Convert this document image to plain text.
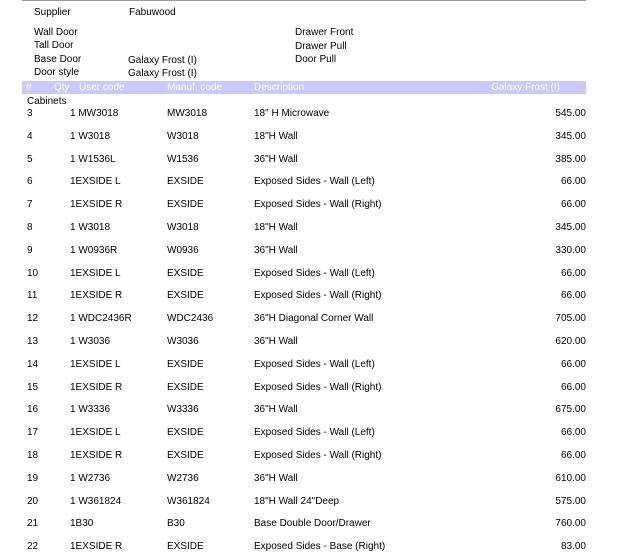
Supplier	Fabuwood
Wall Door
Tall Door
Base Door	Galaxy Frost (I)
Door style	Galaxy Frost (I)
Drawer Front
Drawer Pull
Door Pull
# Qty User code	Manuf. code	Description	Galaxy Frost (I)
Cabinets
3	1 MW3018	MW3018	18" H Microwave	545.00
4	1 W3018	W3018	18"H Wall	345.00
5	1 W1536L	W1536	36"H Wall	385.00
6	1EXSIDE L	EXSIDE	Exposed Sides - Wall (Left)	66.00
7	1EXSIDE R	EXSIDE	Exposed Sides - Wall (Right)	66.00
8	1 W3018	W3018	18"H Wall	345.00
9	1 W0936R	W0936	36"H Wall	330.00
10	1EXSIDE L	EXSIDE	Exposed Sides - Wall (Left)	66.00
11	1EXSIDE R	EXSIDE	Exposed Sides - Wall (Right)	66.00
12	1 WDC2436R	WDC2436	36"H Diagonal Corner Wall	705.00
13	1 W3036	W3036	36"H Wall	620.00
14	1EXSIDE L	EXSIDE	Exposed Sides - Wall (Left)	66.00
15	1EXSIDE R	EXSIDE	Exposed Sides - Wall (Right)	66.00
16	1 W3336	W3336	36"H Wall	675.00
17	1EXSIDE L	EXSIDE	Exposed Sides - Wall (Left)	66.00
18	1EXSIDE R	EXSIDE	Exposed Sides - Wall (Right)	66.00
19	1 W2736	W2736	36"H Wall	610.00
20	1 W361824	W361824	18"H Wall 24"Deep	575.00
21	1B30	B30	Base Double Door/Drawer	760.00
22	1EXSIDE R	EXSIDE	Exposed Sides - Base (Right)	83.00
